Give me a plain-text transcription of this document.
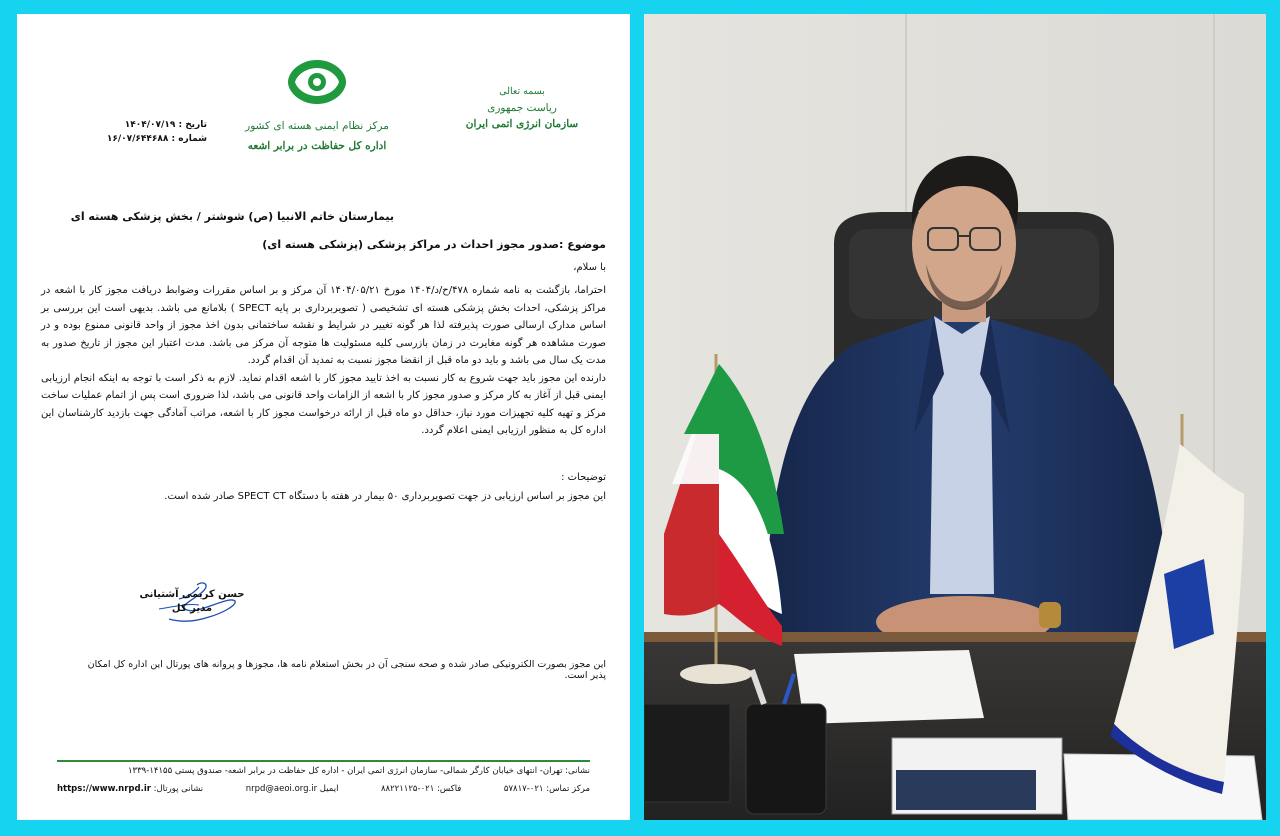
بسمه تعالی
ریاست جمهوری
سازمان انرژی اتمی ایران
مرکز نظام ایمنی هسته ای کشور
اداره کل حفاظت در برابر اشعه
تاریخ : ۱۴۰۴/۰۷/۱۹
شماره : ۱۶/۰۷/۶۴۴۶۸۸
بیمارستان خاتم الانبیا (ص) شوشتر / بخش پزشکی هسته ای
موضوع :صدور مجوز احداث در مراکز پزشکی (پزشکی هسته ای)
با سلام،

احتراما، بازگشت به نامه شماره ۴۷۸/ح/د/۱۴۰۴ مورخ ۱۴۰۴/۰۵/۲۱ آن مرکز و بر اساس مقررات وضوابط دریافت مجوز کار با اشعه در مراکز پزشکی، احداث بخش پزشکی هسته ای تشخیصی ( تصویربرداری بر پایه SPECT ) بلامانع می باشد. بدیهی است این بررسی بر اساس مدارک ارسالی صورت پذیرفته لذا هر گونه تغییر در شرایط و نقشه ساختمانی بدون اخذ مجوز از واحد قانونی ممنوع بوده و در صورت مشاهده هر گونه مغایرت در زمان بازرسی کلیه مسئولیت ها متوجه آن مرکز می باشد. مدت اعتبار این مجوز از تاریخ صدور به مدت یک سال می باشد و باید دو ماه قبل از انقضا مجوز نسبت به تمدید آن اقدام گردد.

دارنده این مجوز باید جهت شروع به کار نسبت به اخذ تایید مجوز کار با اشعه اقدام نماید. لازم به ذکر است با توجه به اینکه انجام ارزیابی ایمنی قبل از آغاز به کار مرکز و صدور مجوز کار با اشعه از الزامات واحد قانونی می باشد، لذا ضروری است پس از اتمام عملیات ساخت مرکز و تهیه کلیه تجهیزات مورد نیاز، حداقل دو ماه قبل از ارائه درخواست مجوز کار با اشعه، مراتب آمادگی جهت بازدید کارشناسان این اداره کل به منظور ارزیابی ایمنی اعلام گردد.

توضیحات :
این مجوز بر اساس ارزیابی دز جهت تصویربرداری ۵۰ بیمار در هفته با دستگاه SPECT CT صادر شده است.
حسن کریمی آشتیانی
مدیر کل
این مجوز بصورت الکترونیکی صادر شده و صحه سنجی آن در بخش استعلام نامه ها، مجوزها و پروانه های پورتال این اداره کل امکان پذیر است.
نشانی: تهران- انتهای خیابان کارگر شمالی- سازمان انرژی اتمی ایران - اداره کل حفاظت در برابر اشعه- صندوق پستی ۱۴۱۵۵-۱۳۳۹
مرکز تماس: ۰۲۱-۵۷۸۱۷
فاکس: ۰۲۱-۸۸۲۲۱۱۲۵
ایمیل nrpd@aeoi.org.ir
نشانی پورتال: https://www.nrpd.ir
